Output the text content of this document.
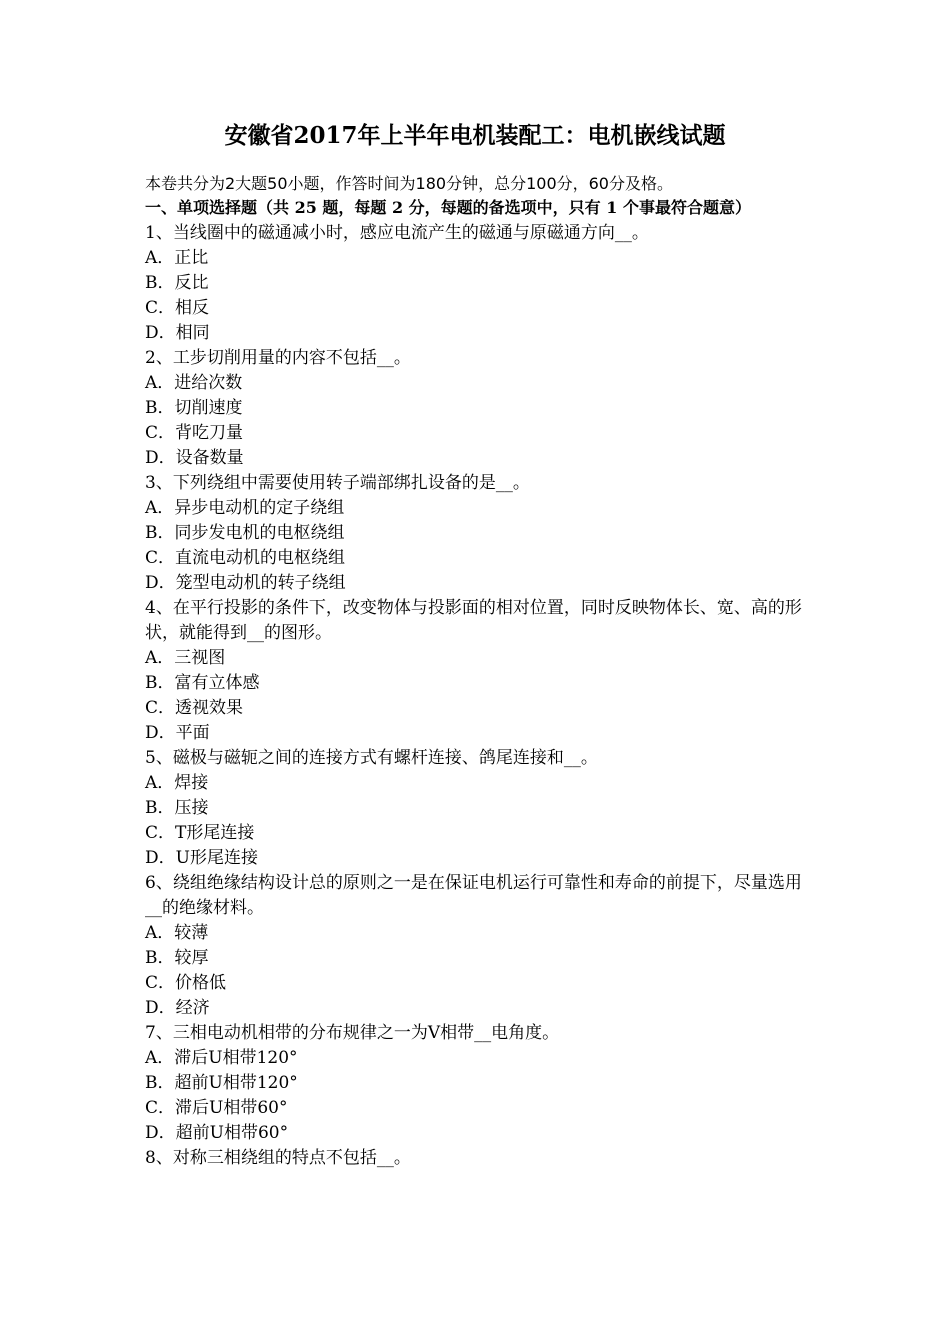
安徽省2017年上半年电机装配工：电机嵌线试题
本卷共分为2大题50小题，作答时间为180分钟，总分100分，60分及格。
一、单项选择题（共 25 题，每题 2 分，每题的备选项中，只有 1 个事最符合题意）
1、当线圈中的磁通减小时，感应电流产生的磁通与原磁通方向__。
A．正比
B．反比
C．相反
D．相同
2、工步切削用量的内容不包括__。
A．进给次数
B．切削速度
C．背吃刀量
D．设备数量
3、下列绕组中需要使用转子端部绑扎设备的是__。
A．异步电动机的定子绕组
B．同步发电机的电枢绕组
C．直流电动机的电枢绕组
D．笼型电动机的转子绕组
4、在平行投影的条件下，改变物体与投影面的相对位置，同时反映物体长、宽、高的形状，就能得到__的图形。
A．三视图
B．富有立体感
C．透视效果
D．平面
5、磁极与磁轭之间的连接方式有螺杆连接、鸽尾连接和__。
A．焊接
B．压接
C．T形尾连接
D．U形尾连接
6、绕组绝缘结构设计总的原则之一是在保证电机运行可靠性和寿命的前提下，尽量选用__的绝缘材料。
A．较薄
B．较厚
C．价格低
D．经济
7、三相电动机相带的分布规律之一为V相带__电角度。
A．滞后U相带120°
B．超前U相带120°
C．滞后U相带60°
D．超前U相带60°
8、对称三相绕组的特点不包括__。
